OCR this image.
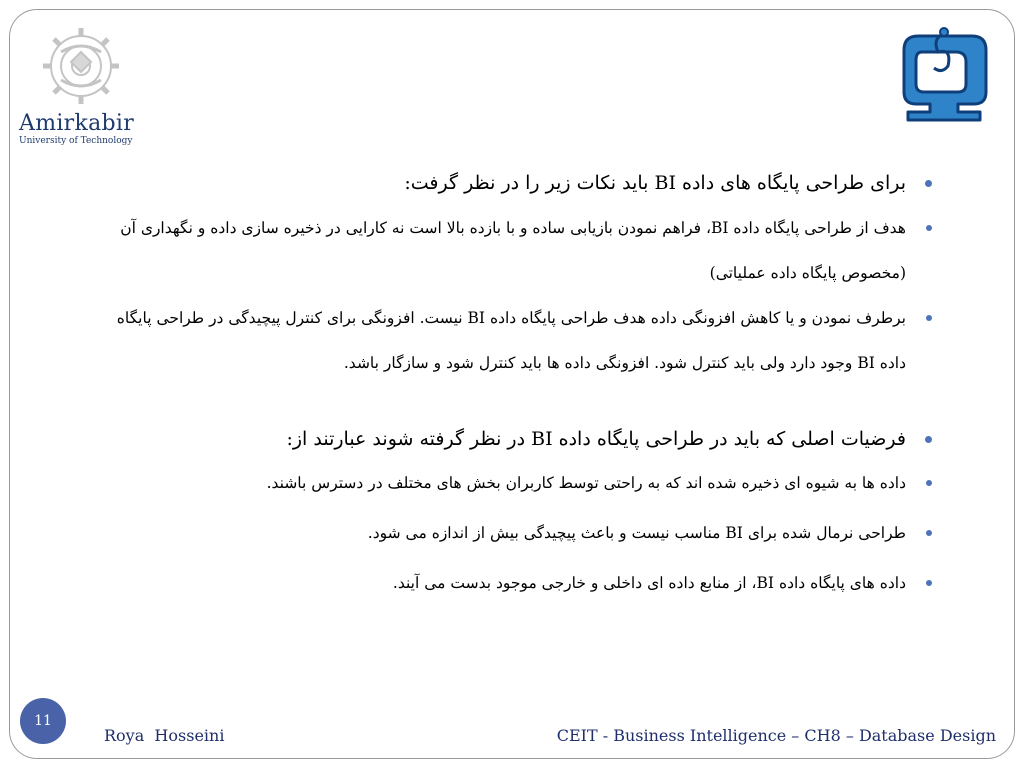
Amirkabir
University of Technology
برای طراحی پایگاه های داده BI باید نکات زیر را در نظر گرفت:
هدف از طراحی پایگاه داده BI، فراهم نمودن بازیابی ساده و با بازده بالا است نه کارایی در ذخیره سازی داده و نگهداری آن (مخصوص پایگاه داده عملیاتی)
برطرف نمودن و یا کاهش افزونگی داده هدف طراحی پایگاه داده BI نیست. افزونگی برای کنترل پیچیدگی در طراحی پایگاه داده BI وجود دارد ولی باید کنترل شود. افزونگی داده ها باید کنترل شود و سازگار باشد.
فرضیات اصلی که باید در طراحی پایگاه داده BI در نظر گرفته شوند عبارتند از:
داده ها به شیوه ای ذخیره شده اند که به راحتی توسط کاربران بخش های مختلف در دسترس باشند.
طراحی نرمال شده برای BI مناسب نیست و باعث پیچیدگی بیش از اندازه می شود.
داده های پایگاه داده BI، از منابع داده ای داخلی و خارجی موجود بدست می آیند.
11
Roya  Hosseini	CEIT - Business Intelligence – CH8 – Database Design
